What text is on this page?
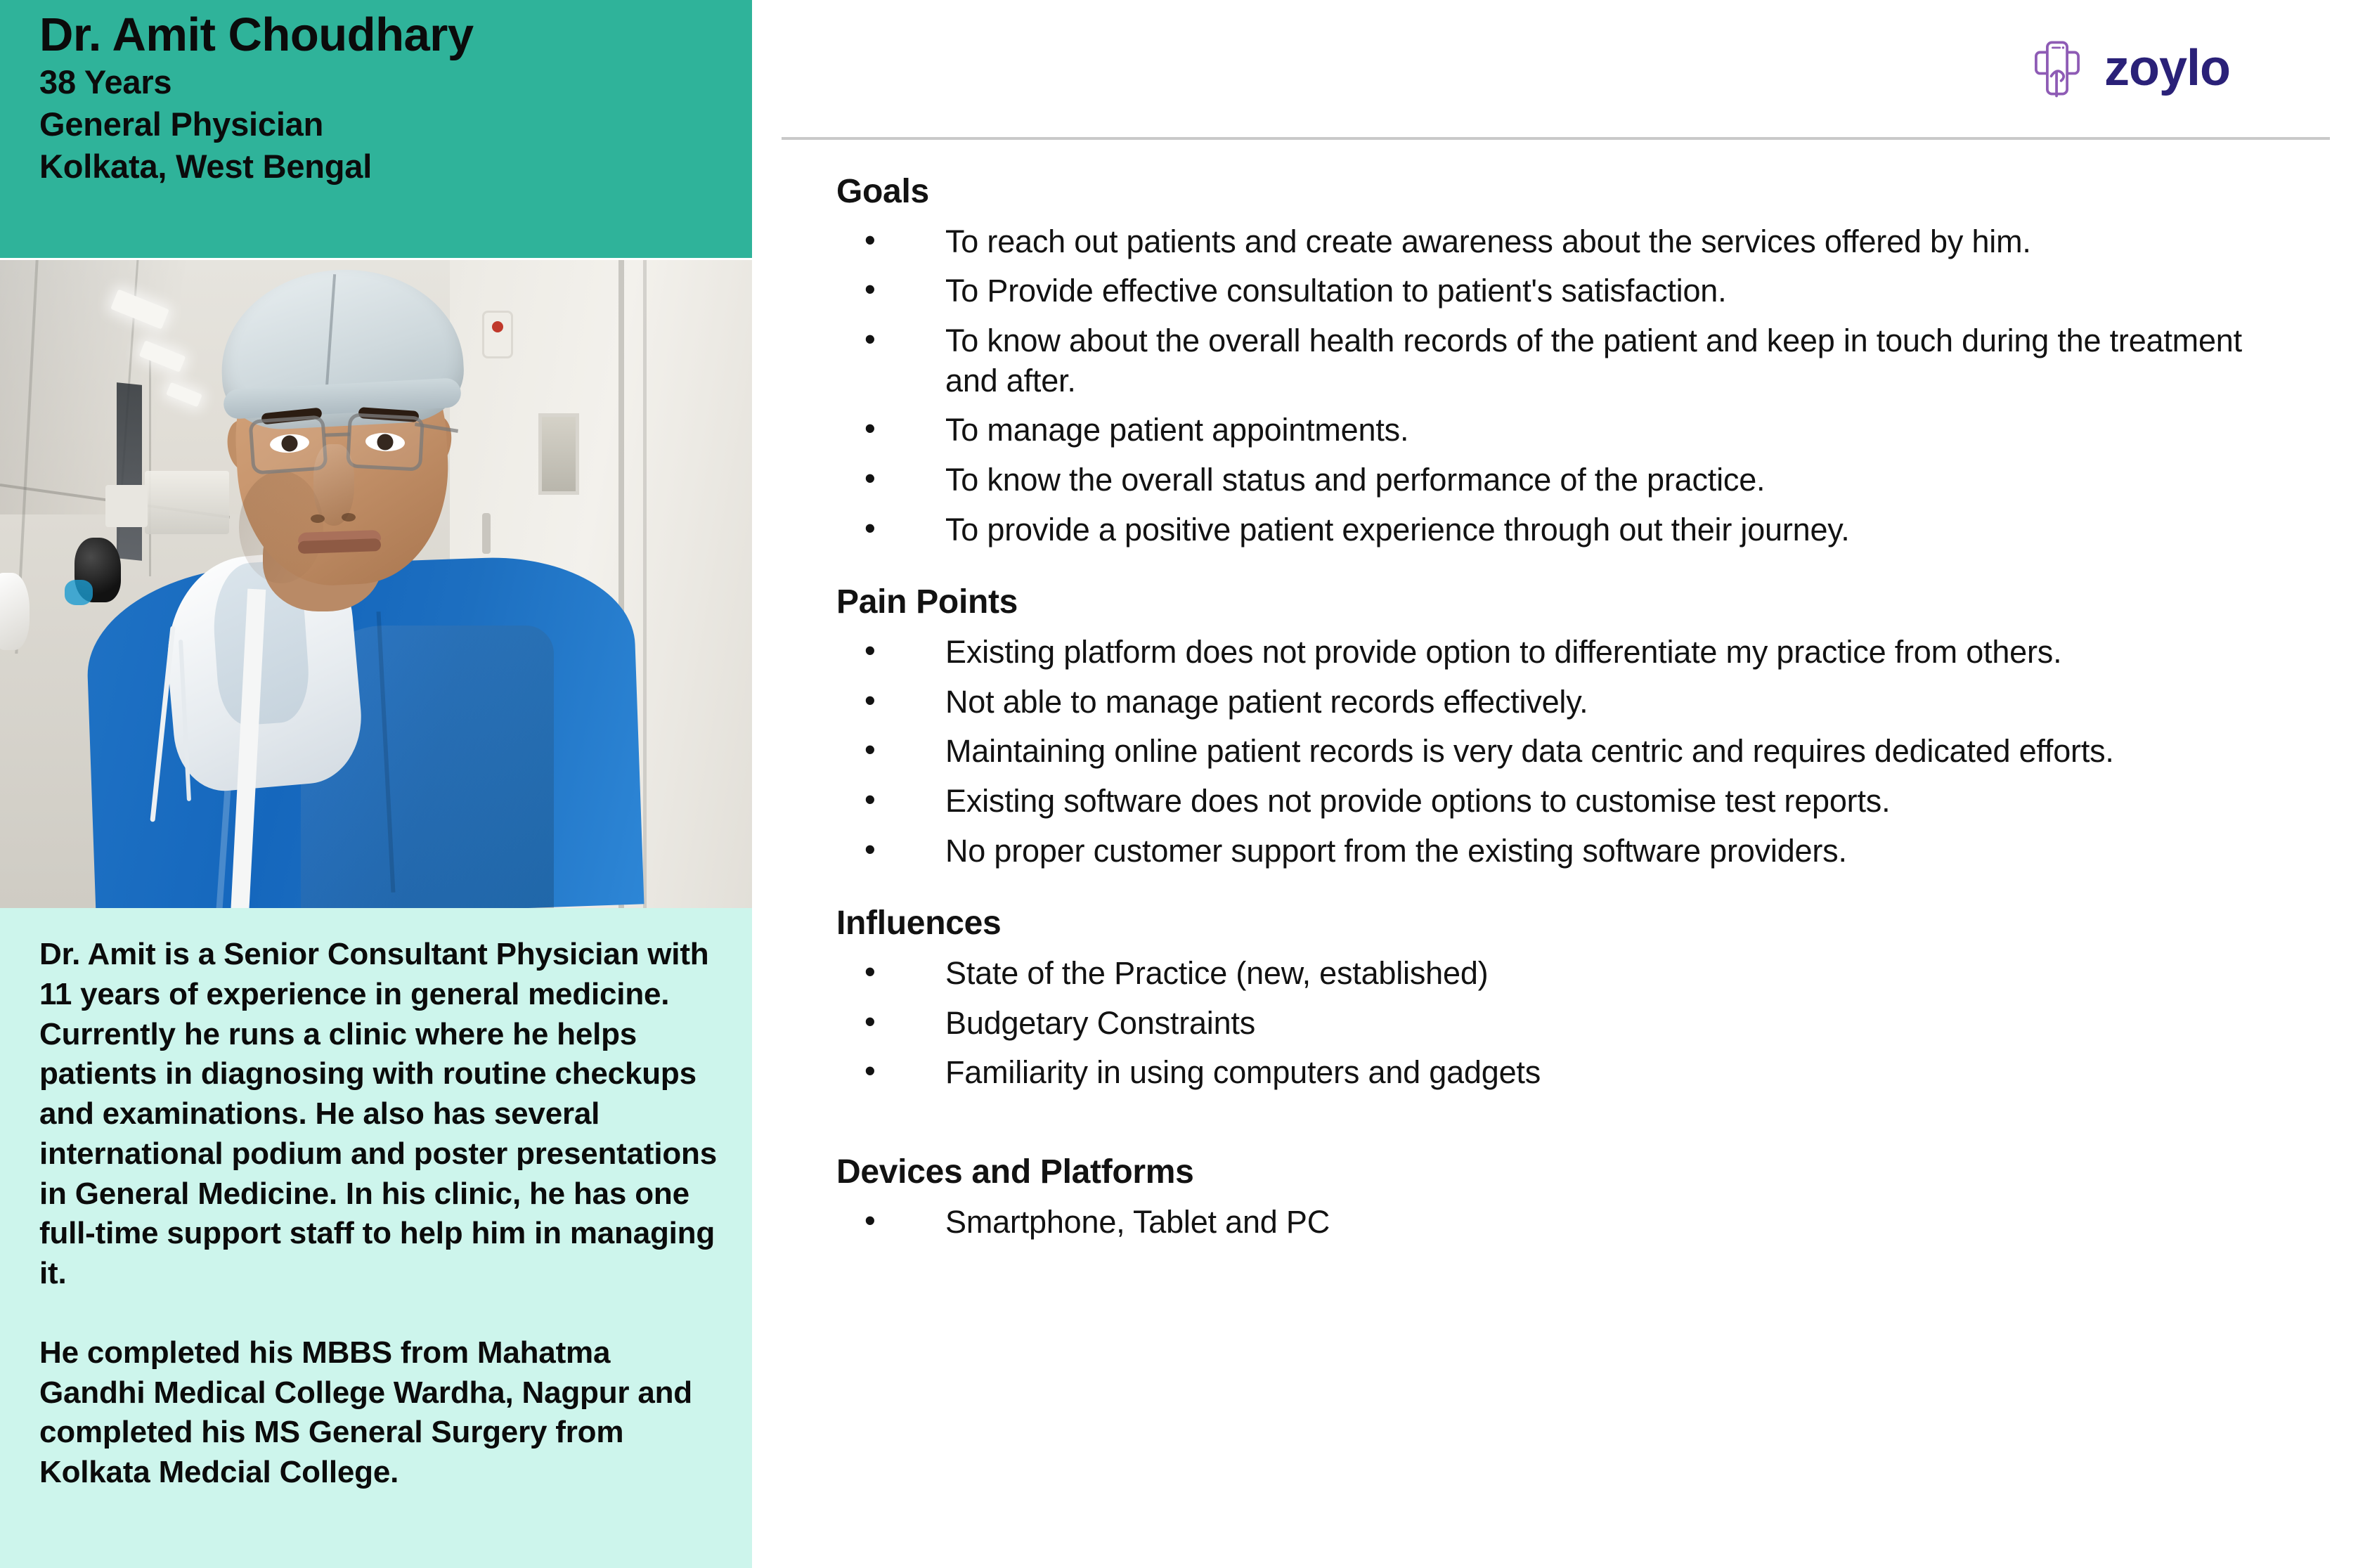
Dr. Amit Choudhary
38 Years
General Physician
Kolkata, West Bengal

Dr. Amit is a Senior Consultant Physician with 11 years of experience in general medicine. Currently he runs a clinic where he helps patients in diagnosing with routine checkups and examinations. He also has several international podium and poster presentations in General Medicine. In his clinic, he has one full-time support staff to help him in managing it.

He completed his MBBS from Mahatma Gandhi Medical College Wardha, Nagpur and completed his MS General Surgery from Kolkata Medcial College.

zoylo
Goals
• To reach out patients and create awareness about the services offered by him.
• To Provide effective consultation to patient's satisfaction.
• To know about the overall health records of the patient and keep in touch during the treatment and after.
• To manage patient appointments.
• To know the overall status and performance of the practice.
• To provide a positive patient experience through out their journey.
Pain Points
• Existing platform does not provide option to differentiate my practice from others.
• Not able to manage patient records effectively.
• Maintaining online patient records is very data centric and requires dedicated efforts.
• Existing software does not provide options to customise test reports.
• No proper customer support from the existing software providers.
Influences
• State of the Practice (new, established)
• Budgetary Constraints
• Familiarity in using computers and gadgets
Devices and Platforms
• Smartphone, Tablet and PC
